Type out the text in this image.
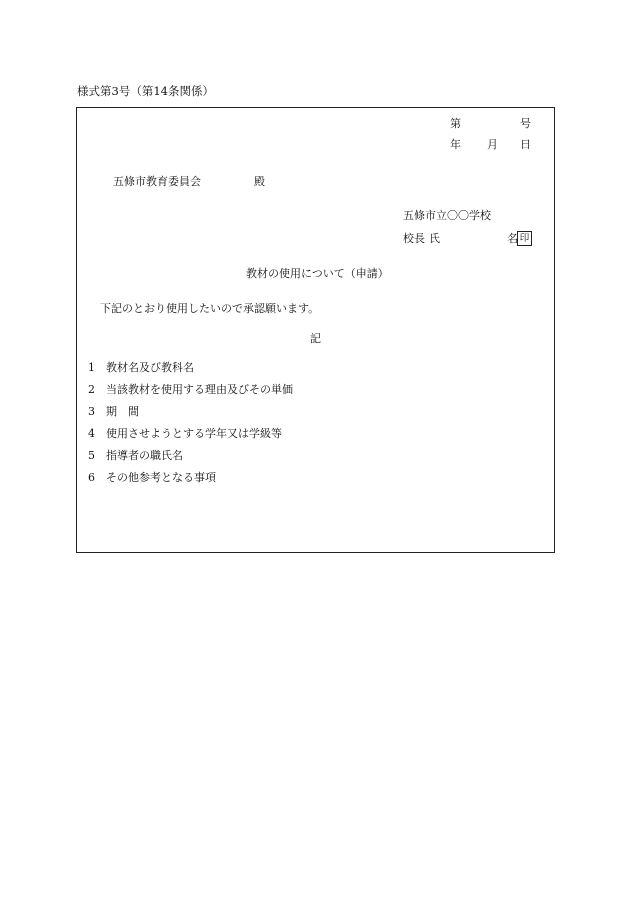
様式第3号（第14条関係）
第	号
年 月 日
五條市教育委員会	殿
五條市立〇〇学校
校長 氏	名 印
教材の使用について（申請）
下記のとおり使用したいので承認願います。
記
1 教材名及び教科名
2 当該教材を使用する理由及びその単価
3 期　間
4 使用させようとする学年又は学級等
5 指導者の職氏名
6 その他参考となる事項
